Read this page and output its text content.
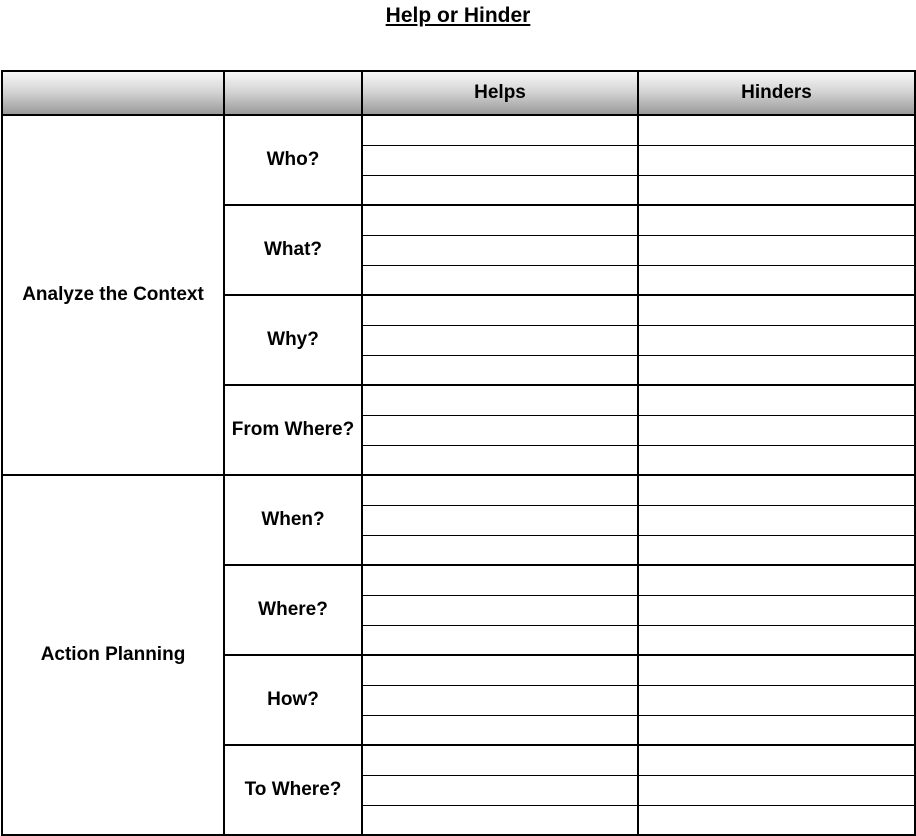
Help or Hinder
		Helps	Hinders
Analyze the Context	Who?		

	What?		

	Why?		

	From Where?		

Action Planning	When?		

	Where?		

	How?		

	To Where?		
